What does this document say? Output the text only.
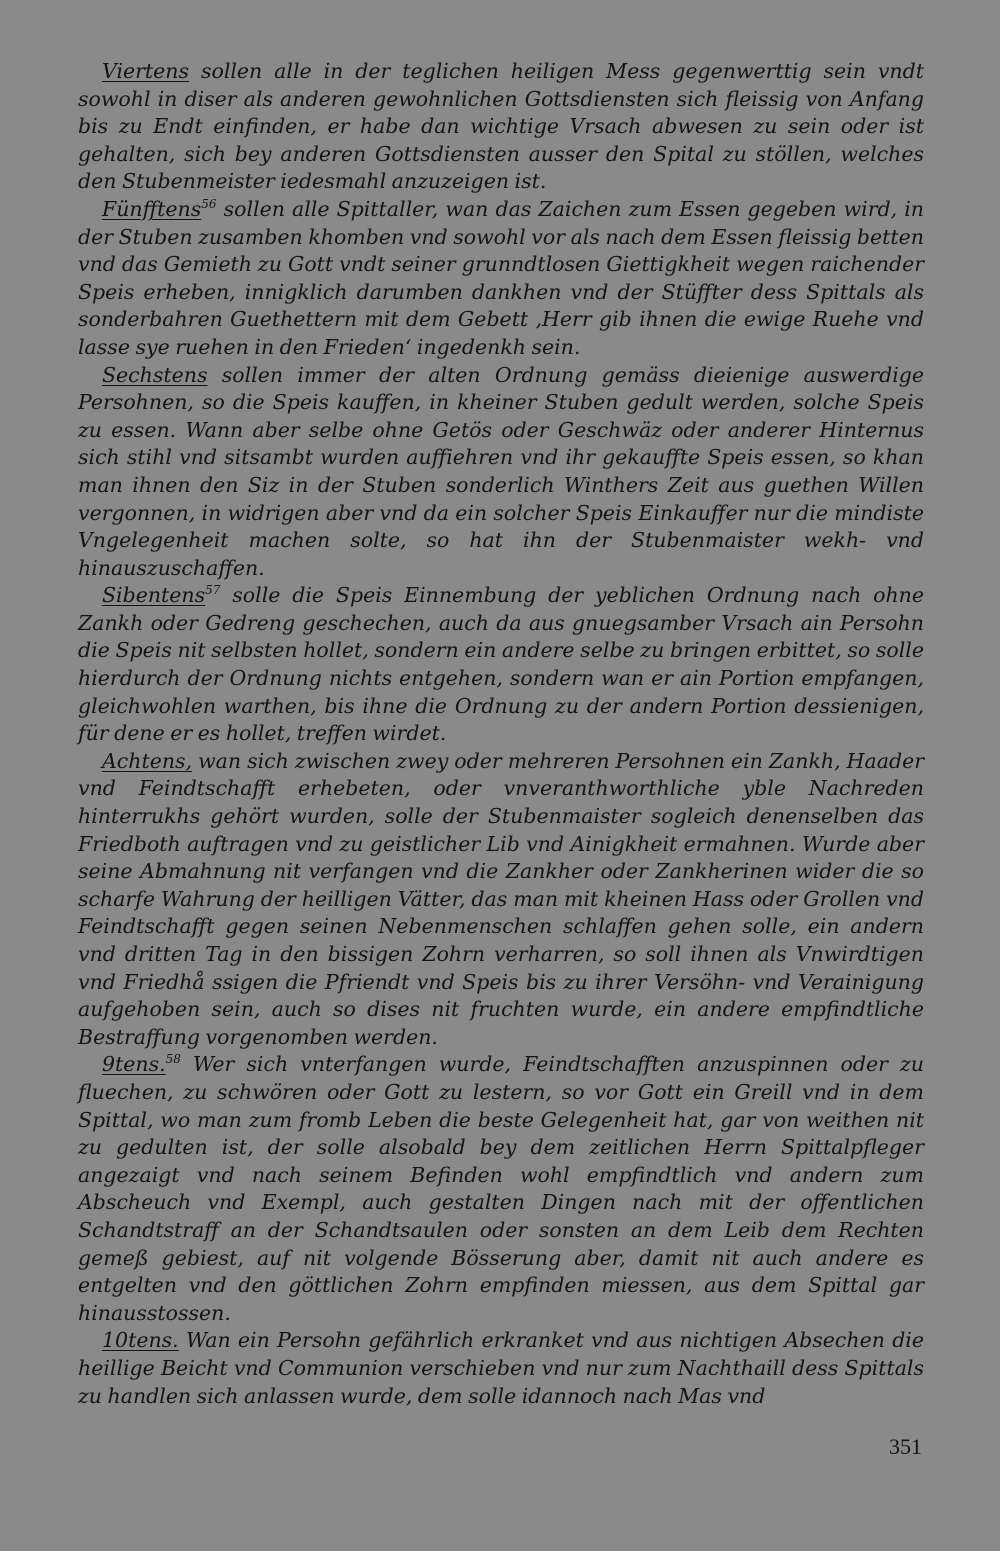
Viertens sollen alle in der teglichen heiligen Mess gegenwerttig sein vndt sowohl in diser als anderen gewohnlichen Gottsdiensten sich fleissig von Anfang bis zu Endt einfinden, er habe dan wichtige Vrsach abwesen zu sein oder ist gehalten, sich bey anderen Gottsdiensten ausser den Spital zu stöllen, welches den Stubenmeister iedesmahl anzuzeigen ist.

Fünfftens$^{56}$ sollen alle Spittaller, wan das Zaichen zum Essen gegeben wird, in der Stuben zusamben khomben vnd sowohl vor als nach dem Essen fleissig betten vnd das Gemieth zu Gott vndt seiner grunndtlosen Giettigkheit wegen raichender Speis erheben, innigklich darumben dankhen vnd der Stüffter dess Spittals als sonderbahren Guethettern mit dem Gebett ‚Herr gib ihnen die ewige Ruehe vnd lasse sye ruehen in den Frieden‘ ingedenkh sein.

Sechstens sollen immer der alten Ordnung gemäss dieienige auswerdige Persohnen, so die Speis kauffen, in kheiner Stuben gedult werden, solche Speis zu essen. Wann aber selbe ohne Getös oder Geschwäz oder anderer Hinternus sich stihl vnd sitsambt wurden auffiehren vnd ihr gekauffte Speis essen, so khan man ihnen den Siz in der Stuben sonderlich Winthers Zeit aus guethen Willen vergonnen, in widrigen aber vnd da ein solcher Speis Einkauffer nur die mindiste Vngelegenheit machen solte, so hat ihn der Stubenmaister wekh- vnd hinauszuschaffen.

Sibentens$^{57}$ solle die Speis Einnembung der yeblichen Ordnung nach ohne Zankh oder Gedreng geschechen, auch da aus gnuegsamber Vrsach ain Persohn die Speis nit selbsten hollet, sondern ein andere selbe zu bringen erbittet, so solle hierdurch der Ordnung nichts entgehen, sondern wan er ain Portion empfangen, gleichwohlen warthen, bis ihne die Ordnung zu der andern Portion dessienigen, für dene er es hollet, treffen wirdet.

Achtens, wan sich zwischen zwey oder mehreren Persohnen ein Zankh, Haader vnd Feindtschafft erhebeten, oder vnveranthworthliche yble Nachreden hinterrukhs gehört wurden, solle der Stubenmaister sogleich denenselben das Friedboth auftragen vnd zu geistlicher Lib vnd Ainigkheit ermahnen. Wurde aber seine Abmahnung nit verfangen vnd die Zankher oder Zankherinen wider die so scharfe Wahrung der heilligen Vätter, das man mit kheinen Hass oder Grollen vnd Feindtschafft gegen seinen Nebenmenschen schlaffen gehen solle, ein andern vnd dritten Tag in den bissigen Zohrn verharren, so soll ihnen als Vnwirdtigen vnd Friedhå ssigen die Pfriendt vnd Speis bis zu ihrer Versöhn- vnd Verainigung aufgehoben sein, auch so dises nit fruchten wurde, ein andere empfindtliche Bestraffung vorgenomben werden.

9tens.$^{58}$ Wer sich vnterfangen wurde, Feindtschafften anzuspinnen oder zu fluechen, zu schwören oder Gott zu lestern, so vor Gott ein Greill vnd in dem Spittal, wo man zum fromb Leben die beste Gelegenheit hat, gar von weithen nit zu gedulten ist, der solle alsobald bey dem zeitlichen Herrn Spittalpfleger angezaigt vnd nach seinem Befinden wohl empfindtlich vnd andern zum Abscheuch vnd Exempl, auch gestalten Dingen nach mit der offentlichen Schandtstraff an der Schandtsaulen oder sonsten an dem Leib dem Rechten gemeß gebiest, auf nit volgende Bösserung aber, damit nit auch andere es entgelten vnd den göttlichen Zohrn empfinden miessen, aus dem Spittal gar hinausstossen.

10tens. Wan ein Persohn gefährlich erkranket vnd aus nichtigen Absechen die heillige Beicht vnd Communion verschieben vnd nur zum Nachthaill dess Spittals zu handlen sich anlassen wurde, dem solle idannoch nach Mas vnd

351
